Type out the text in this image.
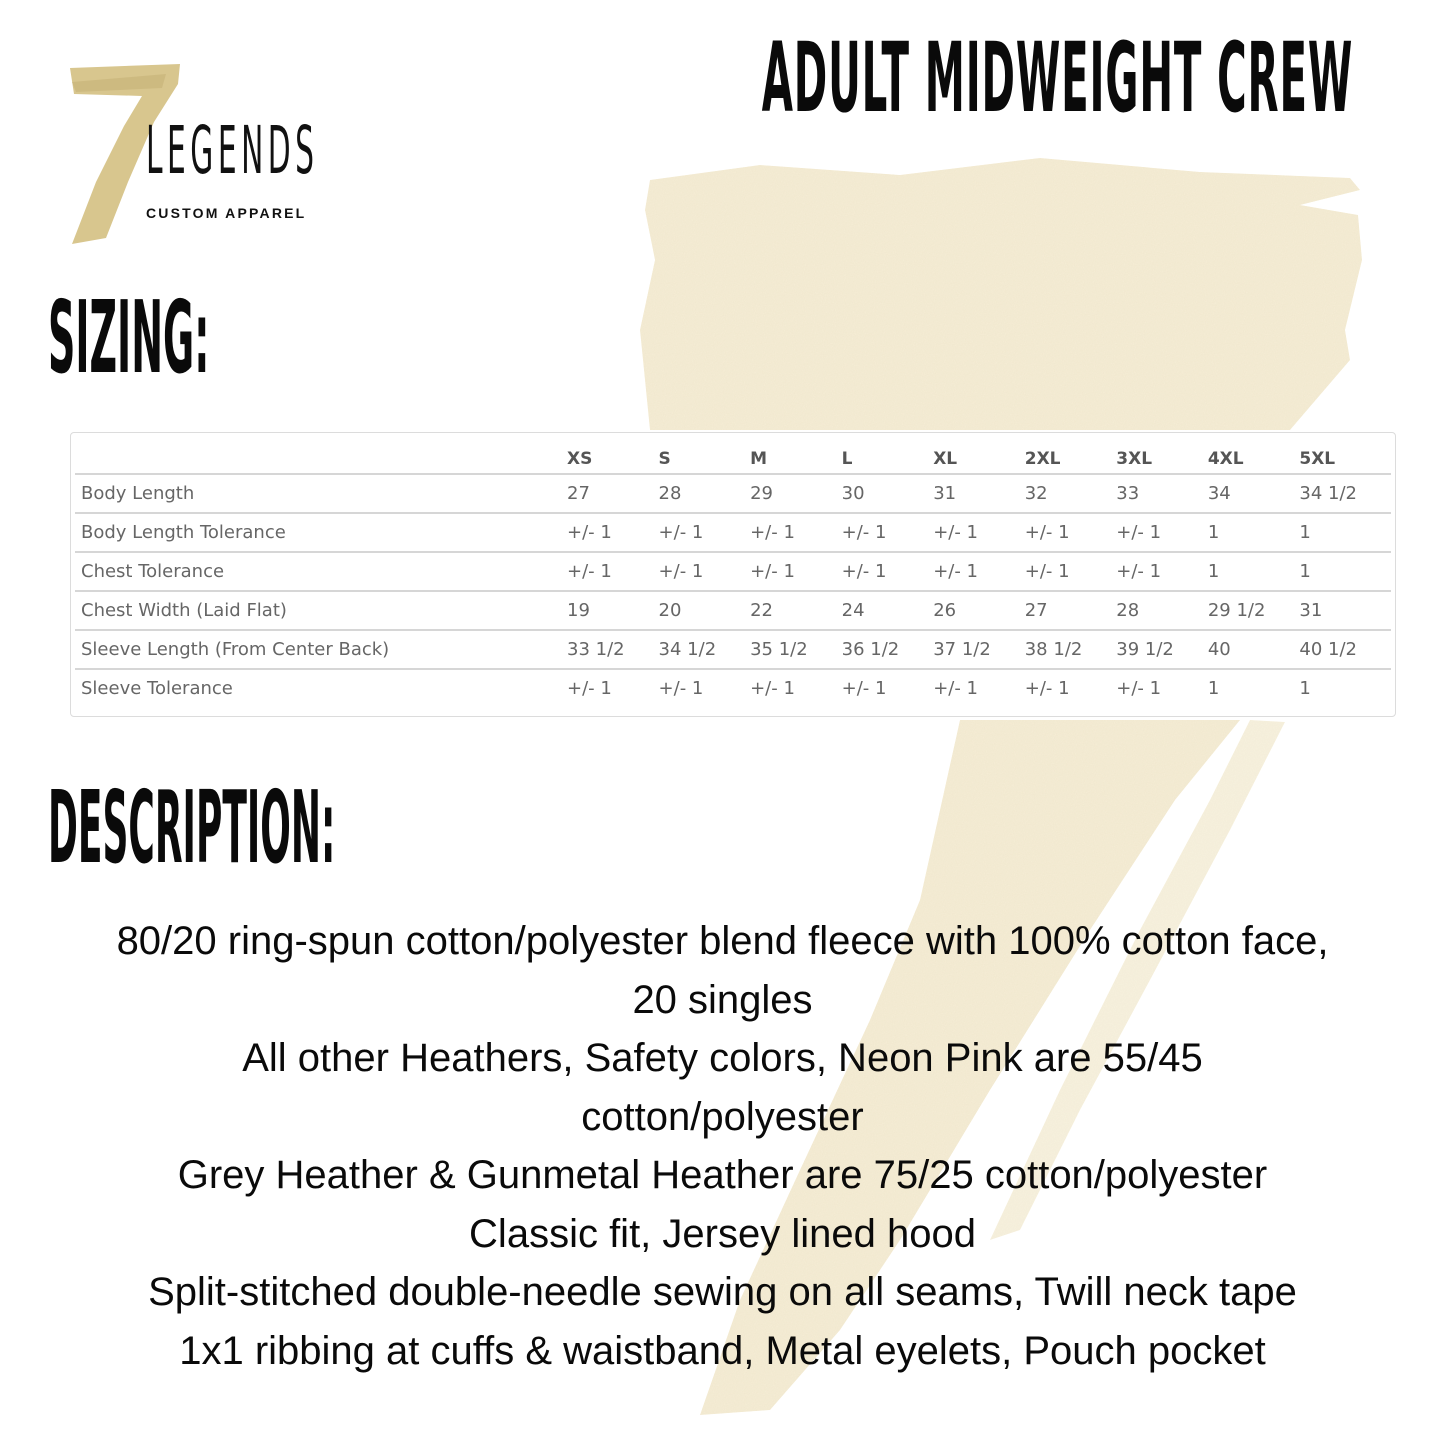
LEGENDS
CUSTOM APPAREL
ADULT MIDWEIGHT CREW
SIZING:
	XS	S	M	L	XL	2XL	3XL	4XL	5XL
Body Length	27	28	29	30	31	32	33	34	34 1/2
Body Length Tolerance	+/- 1	+/- 1	+/- 1	+/- 1	+/- 1	+/- 1	+/- 1	1	1
Chest Tolerance	+/- 1	+/- 1	+/- 1	+/- 1	+/- 1	+/- 1	+/- 1	1	1
Chest Width (Laid Flat)	19	20	22	24	26	27	28	29 1/2	31
Sleeve Length (From Center Back)	33 1/2	34 1/2	35 1/2	36 1/2	37 1/2	38 1/2	39 1/2	40	40 1/2
Sleeve Tolerance	+/- 1	+/- 1	+/- 1	+/- 1	+/- 1	+/- 1	+/- 1	1	1
DESCRIPTION:

80/20 ring-spun cotton/polyester blend fleece with 100% cotton face,

20 singles

All other Heathers, Safety colors, Neon Pink are 55/45

cotton/polyester

Grey Heather & Gunmetal Heather are 75/25 cotton/polyester

Classic fit, Jersey lined hood

Split-stitched double-needle sewing on all seams, Twill neck tape

1x1 ribbing at cuffs & waistband, Metal eyelets, Pouch pocket
